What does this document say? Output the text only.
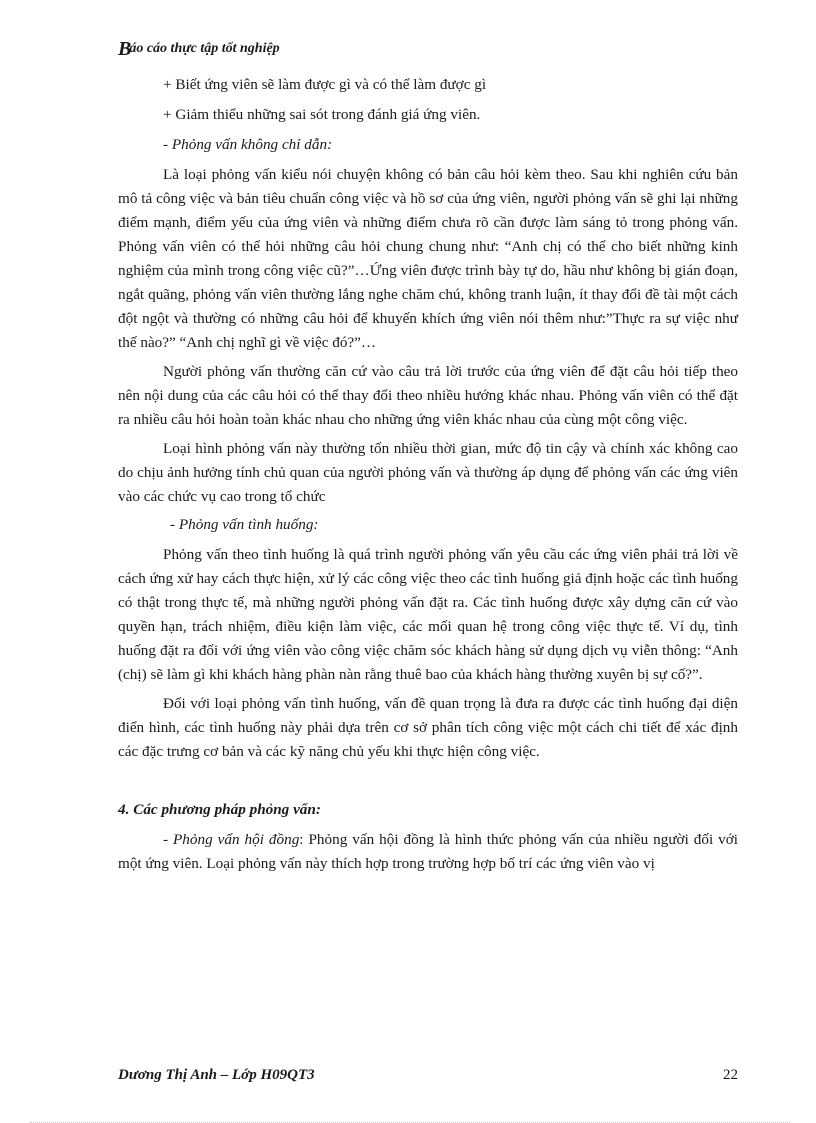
Báo cáo thực tập tốt nghiệp

+ Biết ứng viên sẽ làm được gì và có thể làm được gì

+ Giảm thiểu những sai sót trong đánh giá ứng viên.

- Phỏng vấn không chỉ dẫn:

Là loại phỏng vấn kiểu nói chuyện không có bản câu hỏi kèm theo. Sau khi nghiên cứu bản mô tả công việc và bản tiêu chuẩn công việc và hồ sơ của ứng viên, người phỏng vấn sẽ ghi lại những điểm mạnh, điểm yếu của ứng viên và những điểm chưa rõ cần được làm sáng tỏ trong phỏng vấn. Phỏng vấn viên có thể hỏi những câu hỏi chung chung như: “Anh chị có thể cho biết những kinh nghiệm của mình trong công việc cũ?”…Ứng viên được trình bày tự do, hầu như không bị gián đoạn, ngắt quãng, phỏng vấn viên thường lắng nghe chăm chú, không tranh luận, ít thay đổi đề tài một cách đột ngột và thường có những câu hỏi để khuyến khích ứng viên nói thêm như:”Thực ra sự việc như thế nào?” “Anh chị nghĩ gì về việc đó?”…

Người phỏng vấn thường căn cứ vào câu trả lời trước của ứng viên để đặt câu hỏi tiếp theo nên nội dung của các câu hỏi có thể thay đổi theo nhiều hướng khác nhau. Phỏng vấn viên có thể đặt ra nhiều câu hỏi hoàn toàn khác nhau cho những ứng viên khác nhau của cùng một công việc.

Loại hình phỏng vấn này thường tốn nhiều thời gian, mức độ tin cậy và chính xác không cao do chịu ảnh hưởng tính chủ quan của người phỏng vấn và thường áp dụng để phỏng vấn các ứng viên vào các chức vụ cao trong tổ chức

- Phỏng vấn tình huống:

Phỏng vấn theo tình huống là quá trình người phỏng vấn yêu cầu các ứng viên phải trả lời về cách ứng xử hay cách thực hiện, xử lý các công việc theo các tình huống giả định hoặc các tình huống có thật trong thực tế, mà những người phỏng vấn đặt ra. Các tình huống được xây dựng căn cứ vào quyền hạn, trách nhiệm, điều kiện làm việc, các mối quan hệ trong công việc thực tế. Ví dụ, tình huống đặt ra đối với ứng viên vào công việc chăm sóc khách hàng sử dụng dịch vụ viễn thông: “Anh (chị) sẽ làm gì khi khách hàng phàn nàn rằng thuê bao của khách hàng thường xuyên bị sự cố?”.

Đối với loại phỏng vấn tình huống, vấn đề quan trọng là đưa ra được các tình huống đại diện điển hình, các tình huống này phải dựa trên cơ sở phân tích công việc một cách chi tiết để xác định các đặc trưng cơ bản và các kỹ năng chủ yếu khi thực hiện công việc.

4. Các phương pháp phỏng vấn:

- Phỏng vấn hội đồng: Phỏng vấn hội đồng là hình thức phỏng vấn của nhiều người đối với một ứng viên. Loại phỏng vấn này thích hợp trong trường hợp bố trí các ứng viên vào vị

Dương Thị Anh – Lớp H09QT3	22
